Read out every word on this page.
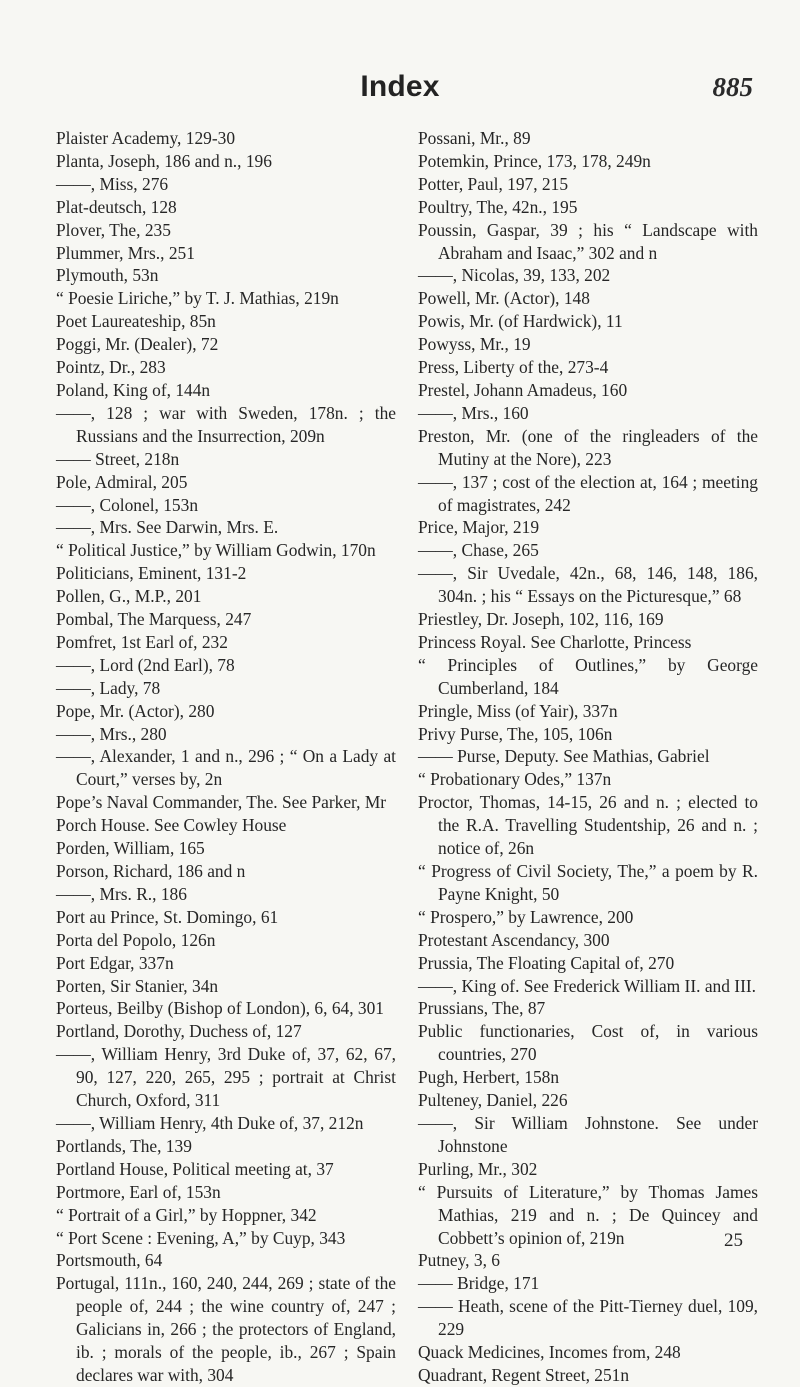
Index	885
Plaister Academy, 129-30
Planta, Joseph, 186 and n., 196
——, Miss, 276
Plat-deutsch, 128
Plover, The, 235
Plummer, Mrs., 251
Plymouth, 53n
“ Poesie Liriche,” by T. J. Mathias, 219n
Poet Laureateship, 85n
Poggi, Mr. (Dealer), 72
Pointz, Dr., 283
Poland, King of, 144n
——, 128 ; war with Sweden, 178n. ; the Russians and the Insurrection, 209n
—— Street, 218n
Pole, Admiral, 205
——, Colonel, 153n
——, Mrs. See Darwin, Mrs. E.
“ Political Justice,” by William Godwin, 170n
Politicians, Eminent, 131-2
Pollen, G., M.P., 201
Pombal, The Marquess, 247
Pomfret, 1st Earl of, 232
——, Lord (2nd Earl), 78
——, Lady, 78
Pope, Mr. (Actor), 280
——, Mrs., 280
——, Alexander, 1 and n., 296 ; “ On a Lady at Court,” verses by, 2n
Pope’s Naval Commander, The. See Parker, Mr
Porch House. See Cowley House
Porden, William, 165
Porson, Richard, 186 and n
——, Mrs. R., 186
Port au Prince, St. Domingo, 61
Porta del Popolo, 126n
Port Edgar, 337n
Porten, Sir Stanier, 34n
Porteus, Beilby (Bishop of London), 6, 64, 301
Portland, Dorothy, Duchess of, 127
——, William Henry, 3rd Duke of, 37, 62, 67, 90, 127, 220, 265, 295 ; portrait at Christ Church, Oxford, 311
——, William Henry, 4th Duke of, 37, 212n
Portlands, The, 139
Portland House, Political meeting at, 37
Portmore, Earl of, 153n
“ Portrait of a Girl,” by Hoppner, 342
“ Port Scene : Evening, A,” by Cuyp, 343
Portsmouth, 64
Portugal, 111n., 160, 240, 244, 269 ; state of the people of, 244 ; the wine country of, 247 ; Galicians in, 266 ; the protectors of England, ib. ; morals of the people, ib., 267 ; Spain declares war with, 304
Possani, Mr., 89
Potemkin, Prince, 173, 178, 249n
Potter, Paul, 197, 215
Poultry, The, 42n., 195
Poussin, Gaspar, 39 ; his “ Landscape with Abraham and Isaac,” 302 and n
——, Nicolas, 39, 133, 202
Powell, Mr. (Actor), 148
Powis, Mr. (of Hardwick), 11
Powyss, Mr., 19
Press, Liberty of the, 273-4
Prestel, Johann Amadeus, 160
——, Mrs., 160
Preston, Mr. (one of the ringleaders of the Mutiny at the Nore), 223
——, 137 ; cost of the election at, 164 ; meeting of magistrates, 242
Price, Major, 219
——, Chase, 265
——, Sir Uvedale, 42n., 68, 146, 148, 186, 304n. ; his “ Essays on the Picturesque,” 68
Priestley, Dr. Joseph, 102, 116, 169
Princess Royal. See Charlotte, Princess
“ Principles of Outlines,” by George Cumberland, 184
Pringle, Miss (of Yair), 337n
Privy Purse, The, 105, 106n
—— Purse, Deputy. See Mathias, Gabriel
“ Probationary Odes,” 137n
Proctor, Thomas, 14-15, 26 and n. ; elected to the R.A. Travelling Studentship, 26 and n. ; notice of, 26n
“ Progress of Civil Society, The,” a poem by R. Payne Knight, 50
“ Prospero,” by Lawrence, 200
Protestant Ascendancy, 300
Prussia, The Floating Capital of, 270
——, King of. See Frederick William II. and III.
Prussians, The, 87
Public functionaries, Cost of, in various countries, 270
Pugh, Herbert, 158n
Pulteney, Daniel, 226
——, Sir William Johnstone. See under Johnstone
Purling, Mr., 302
“ Pursuits of Literature,” by Thomas James Mathias, 219 and n. ; De Quincey and Cobbett’s opinion of, 219n
Putney, 3, 6
—— Bridge, 171
—— Heath, scene of the Pitt-Tierney duel, 109, 229
Quack Medicines, Incomes from, 248
Quadrant, Regent Street, 251n
25
